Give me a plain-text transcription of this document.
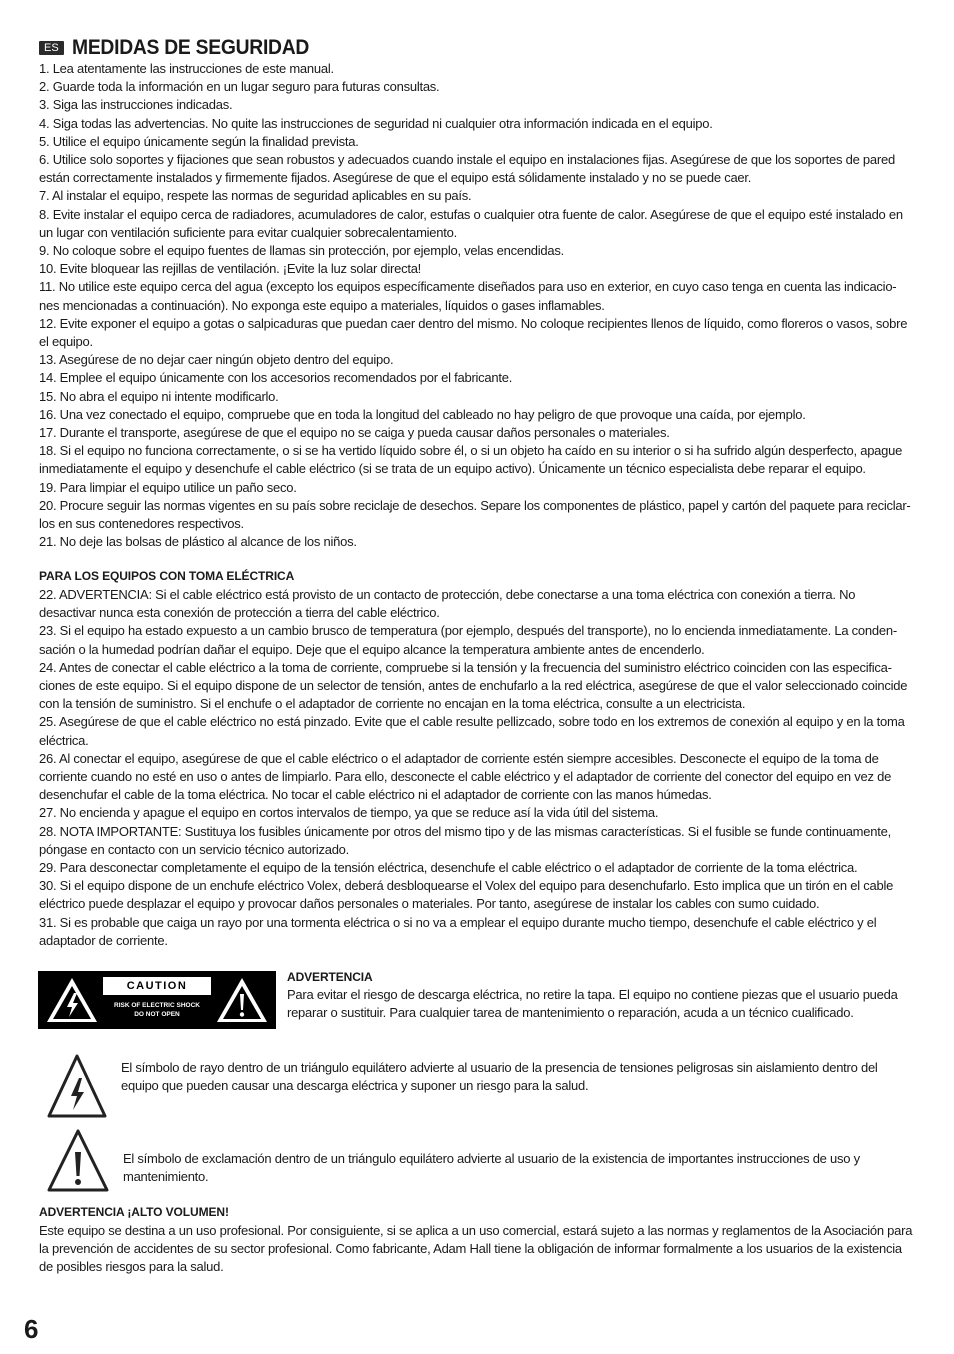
ES MEDIDAS DE SEGURIDAD

1. Lea atentamente las instrucciones de este manual.

2. Guarde toda la información en un lugar seguro para futuras consultas.

3. Siga las instrucciones indicadas.

4. Siga todas las advertencias. No quite las instrucciones de seguridad ni cualquier otra información indicada en el equipo.

5. Utilice el equipo únicamente según la finalidad prevista.

6. Utilice solo soportes y fijaciones que sean robustos y adecuados cuando instale el equipo en instalaciones fijas. Asegúrese de que los soportes de pared están correctamente instalados y firmemente fijados. Asegúrese de que el equipo está sólidamente instalado y no se puede caer.

7. Al instalar el equipo, respete las normas de seguridad aplicables en su país.

8. Evite instalar el equipo cerca de radiadores, acumuladores de calor, estufas o cualquier otra fuente de calor. Asegúrese de que el equipo esté instalado en un lugar con ventilación suficiente para evitar cualquier sobrecalentamiento.

9. No coloque sobre el equipo fuentes de llamas sin protección, por ejemplo, velas encendidas.

10. Evite bloquear las rejillas de ventilación. ¡Evite la luz solar directa!

11. No utilice este equipo cerca del agua (excepto los equipos específicamente diseñados para uso en exterior, en cuyo caso tenga en cuenta las indicacio-nes mencionadas a continuación). No exponga este equipo a materiales, líquidos o gases inflamables.

12. Evite exponer el equipo a gotas o salpicaduras que puedan caer dentro del mismo. No coloque recipientes llenos de líquido, como floreros o vasos, sobre el equipo.

13. Asegúrese de no dejar caer ningún objeto dentro del equipo.

14. Emplee el equipo únicamente con los accesorios recomendados por el fabricante.

15. No abra el equipo ni intente modificarlo.

16. Una vez conectado el equipo, compruebe que en toda la longitud del cableado no hay peligro de que provoque una caída, por ejemplo.

17. Durante el transporte, asegúrese de que el equipo no se caiga y pueda causar daños personales o materiales.

18. Si el equipo no funciona correctamente, o si se ha vertido líquido sobre él, o si un objeto ha caído en su interior o si ha sufrido algún desperfecto, apague inmediatamente el equipo y desenchufe el cable eléctrico (si se trata de un equipo activo). Únicamente un técnico especialista debe reparar el equipo.

19. Para limpiar el equipo utilice un paño seco.

20. Procure seguir las normas vigentes en su país sobre reciclaje de desechos. Separe los componentes de plástico, papel y cartón del paquete para reciclar-los en sus contenedores respectivos.

21. No deje las bolsas de plástico al alcance de los niños.

PARA LOS EQUIPOS CON TOMA ELÉCTRICA

22. ADVERTENCIA: Si el cable eléctrico está provisto de un contacto de protección, debe conectarse a una toma eléctrica con conexión a tierra. No desactivar nunca esta conexión de protección a tierra del cable eléctrico.

23. Si el equipo ha estado expuesto a un cambio brusco de temperatura (por ejemplo, después del transporte), no lo encienda inmediatamente. La conden-sación o la humedad podrían dañar el equipo. Deje que el equipo alcance la temperatura ambiente antes de encenderlo.

24. Antes de conectar el cable eléctrico a la toma de corriente, compruebe si la tensión y la frecuencia del suministro eléctrico coinciden con las especifica-ciones de este equipo. Si el equipo dispone de un selector de tensión, antes de enchufarlo a la red eléctrica, asegúrese de que el valor seleccionado coincide con la tensión de suministro. Si el enchufe o el adaptador de corriente no encajan en la toma eléctrica, consulte a un electricista.

25. Asegúrese de que el cable eléctrico no está pinzado. Evite que el cable resulte pellizcado, sobre todo en los extremos de conexión al equipo y en la toma eléctrica.

26. Al conectar el equipo, asegúrese de que el cable eléctrico o el adaptador de corriente estén siempre accesibles. Desconecte el equipo de la toma de corriente cuando no esté en uso o antes de limpiarlo. Para ello, desconecte el cable eléctrico y el adaptador de corriente del conector del equipo en vez de desenchufar el cable de la toma eléctrica. No tocar el cable eléctrico ni el adaptador de corriente con las manos húmedas.

27. No encienda y apague el equipo en cortos intervalos de tiempo, ya que se reduce así la vida útil del sistema.

28. NOTA IMPORTANTE: Sustituya los fusibles únicamente por otros del mismo tipo y de las mismas características. Si el fusible se funde continuamente, póngase en contacto con un servicio técnico autorizado.

29. Para desconectar completamente el equipo de la tensión eléctrica, desenchufe el cable eléctrico o el adaptador de corriente de la toma eléctrica.

30. Si el equipo dispone de un enchufe eléctrico Volex, deberá desbloquearse el Volex del equipo para desenchufarlo. Esto implica que un tirón en el cable eléctrico puede desplazar el equipo y provocar daños personales o materiales. Por tanto, asegúrese de instalar los cables con sumo cuidado.

31. Si es probable que caiga un rayo por una tormenta eléctrica o si no va a emplear el equipo durante mucho tiempo, desenchufe el cable eléctrico y el adaptador de corriente.

CAUTION
RISK OF ELECTRIC SHOCK
DO NOT OPEN
ADVERTENCIA

Para evitar el riesgo de descarga eléctrica, no retire la tapa. El equipo no contiene piezas que el usuario pueda reparar o sustituir. Para cualquier tarea de mantenimiento o reparación, acuda a un técnico cualificado.

El símbolo de rayo dentro de un triángulo equilátero advierte al usuario de la presencia de tensiones peligrosas sin aislamiento dentro del equipo que pueden causar una descarga eléctrica y suponer un riesgo para la salud.

El símbolo de exclamación dentro de un triángulo equilátero advierte al usuario de la existencia de importantes instrucciones de uso y mantenimiento.

ADVERTENCIA ¡ALTO VOLUMEN!

Este equipo se destina a un uso profesional. Por consiguiente, si se aplica a un uso comercial, estará sujeto a las normas y reglamentos de la Asociación para la prevención de accidentes de su sector profesional. Como fabricante, Adam Hall tiene la obligación de informar formalmente a los usuarios de la existencia de posibles riesgos para la salud.

6
